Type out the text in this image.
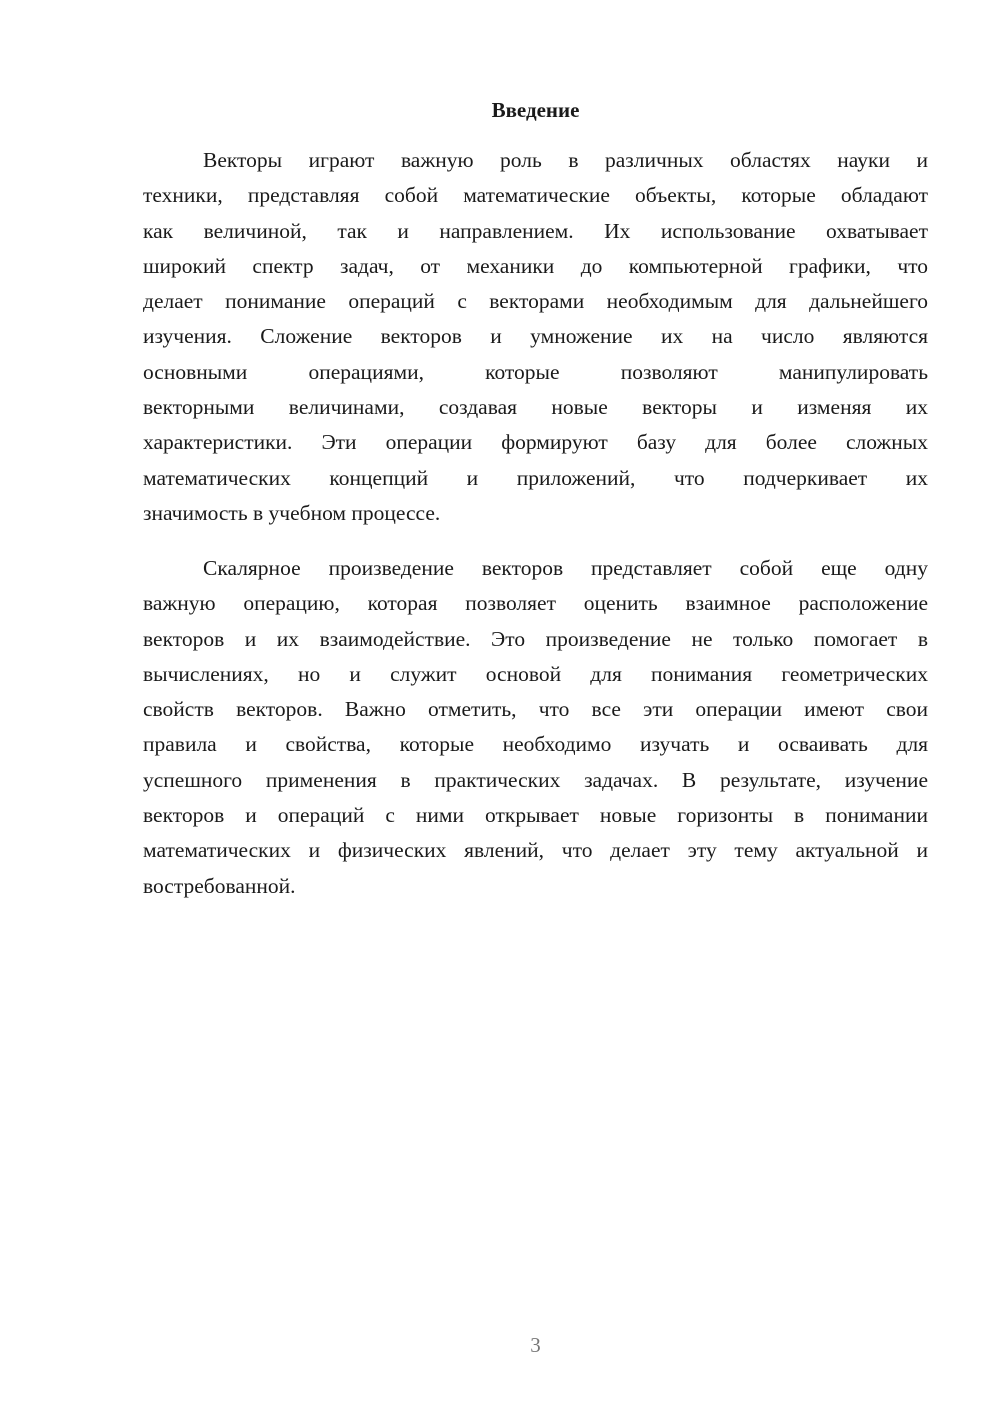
Введение
Векторы играют важную роль в различных областях науки и
техники, представляя собой математические объекты, которые обладают
как величиной, так и направлением. Их использование охватывает
широкий спектр задач, от механики до компьютерной графики, что
делает понимание операций с векторами необходимым для дальнейшего
изучения. Сложение векторов и умножение их на число являются
основными операциями, которые позволяют манипулировать
векторными величинами, создавая новые векторы и изменяя их
характеристики. Эти операции формируют базу для более сложных
математических концепций и приложений, что подчеркивает их
значимость в учебном процессе.
Скалярное произведение векторов представляет собой еще одну
важную операцию, которая позволяет оценить взаимное расположение
векторов и их взаимодействие. Это произведение не только помогает в
вычислениях, но и служит основой для понимания геометрических
свойств векторов. Важно отметить, что все эти операции имеют свои
правила и свойства, которые необходимо изучать и осваивать для
успешного применения в практических задачах. В результате, изучение
векторов и операций с ними открывает новые горизонты в понимании
математических и физических явлений, что делает эту тему актуальной и
востребованной.
3
